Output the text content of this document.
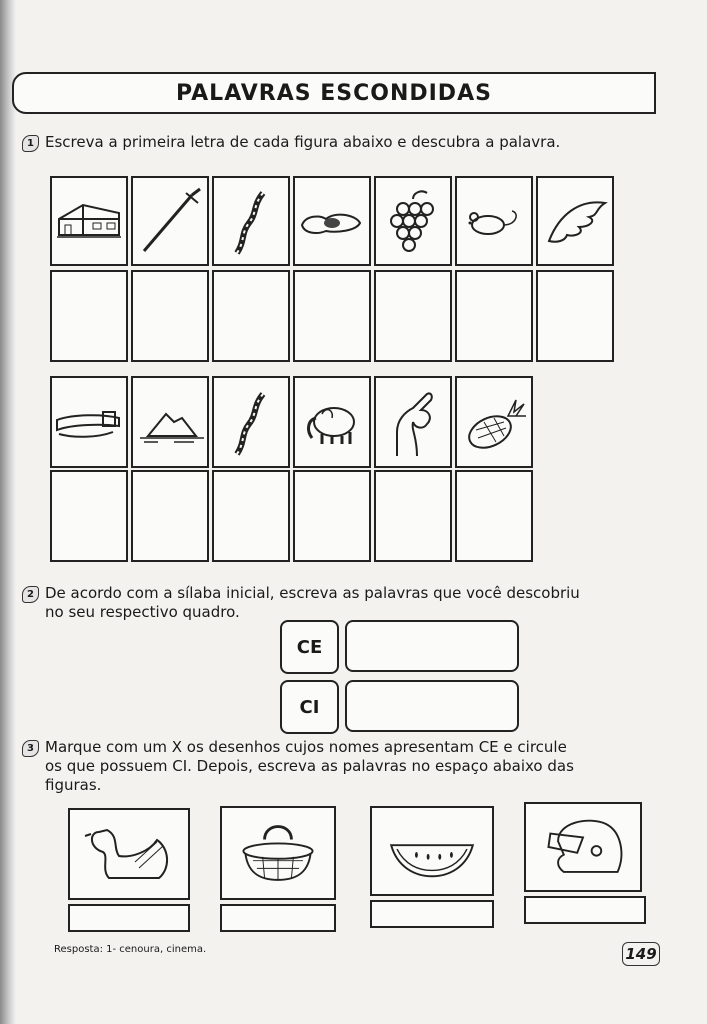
PALAVRAS ESCONDIDAS
1 Escreva a primeira letra de cada figura abaixo e descubra a palavra.
2 De acordo com a sílaba inicial, escreva as palavras que você descobriu
no seu respectivo quadro.
CE
CI
3 Marque com um X os desenhos cujos nomes apresentam CE e circule
os que possuem CI. Depois, escreva as palavras no espaço abaixo das
figuras.
Resposta: 1- cenoura, cinema.	149
